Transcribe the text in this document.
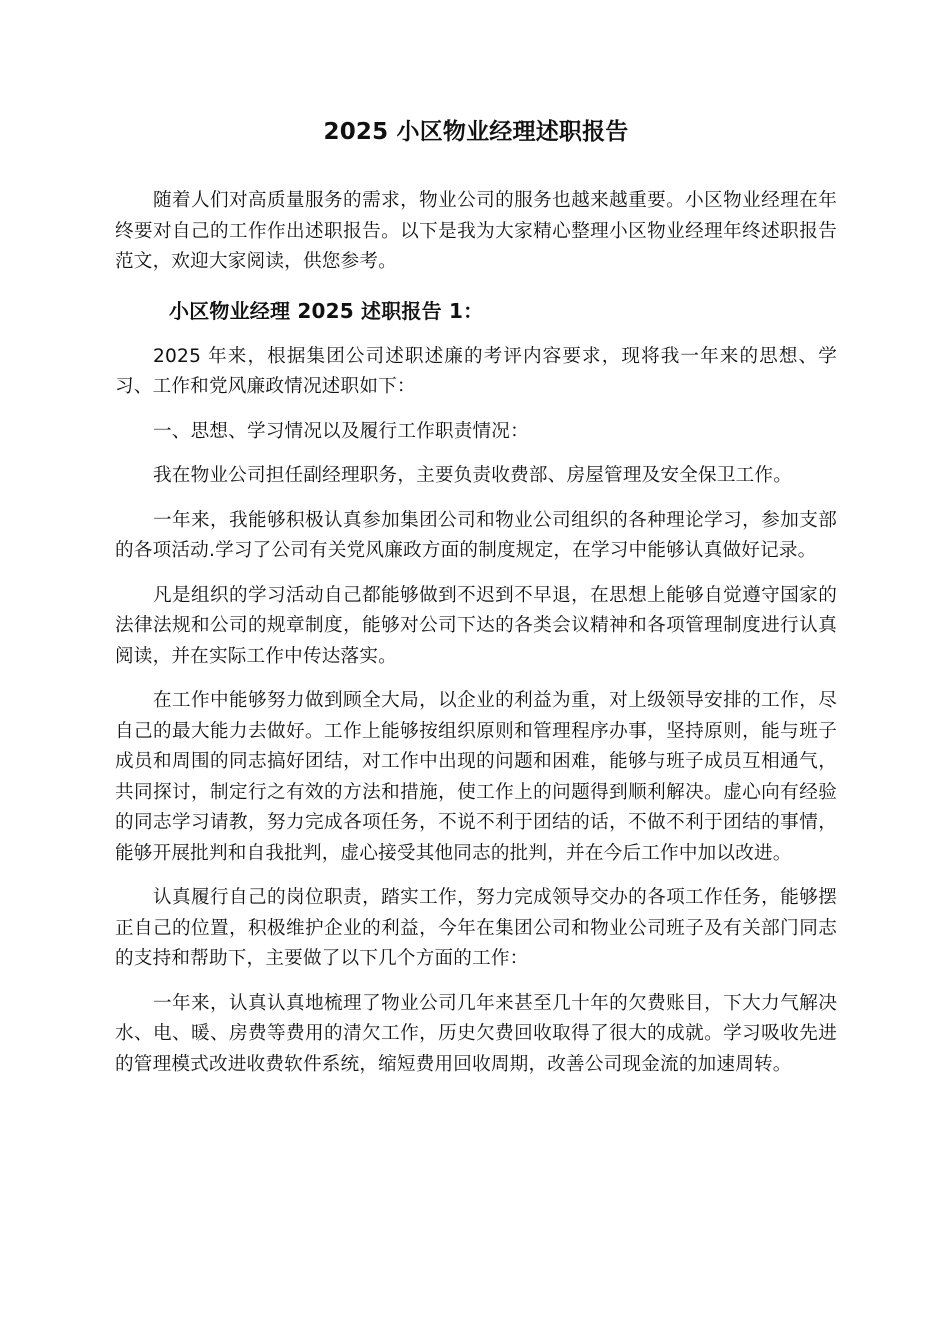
2025 小区物业经理述职报告

随着人们对高质量服务的需求，物业公司的服务也越来越重要。小区物业经理在年终要对自己的工作作出述职报告。以下是我为大家精心整理小区物业经理年终述职报告范文，欢迎大家阅读，供您参考。

小区物业经理 2025 述职报告 1：

2025 年来，根据集团公司述职述廉的考评内容要求，现将我一年来的思想、学习、工作和党风廉政情况述职如下：

一、思想、学习情况以及履行工作职责情况：

我在物业公司担任副经理职务，主要负责收费部、房屋管理及安全保卫工作。

一年来，我能够积极认真参加集团公司和物业公司组织的各种理论学习，参加支部的各项活动.学习了公司有关党风廉政方面的制度规定，在学习中能够认真做好记录。

凡是组织的学习活动自己都能够做到不迟到不早退，在思想上能够自觉遵守国家的法律法规和公司的规章制度，能够对公司下达的各类会议精神和各项管理制度进行认真阅读，并在实际工作中传达落实。

在工作中能够努力做到顾全大局，以企业的利益为重，对上级领导安排的工作，尽自己的最大能力去做好。工作上能够按组织原则和管理程序办事，坚持原则，能与班子成员和周围的同志搞好团结，对工作中出现的问题和困难，能够与班子成员互相通气，共同探讨，制定行之有效的方法和措施，使工作上的问题得到顺利解决。虚心向有经验的同志学习请教，努力完成各项任务，不说不利于团结的话，不做不利于团结的事情，能够开展批判和自我批判，虚心接受其他同志的批判，并在今后工作中加以改进。

认真履行自己的岗位职责，踏实工作，努力完成领导交办的各项工作任务，能够摆正自己的位置，积极维护企业的利益，今年在集团公司和物业公司班子及有关部门同志的支持和帮助下，主要做了以下几个方面的工作：

一年来，认真认真地梳理了物业公司几年来甚至几十年的欠费账目，下大力气解决水、电、暖、房费等费用的清欠工作，历史欠费回收取得了很大的成就。学习吸收先进的管理模式改进收费软件系统，缩短费用回收周期，改善公司现金流的加速周转。
